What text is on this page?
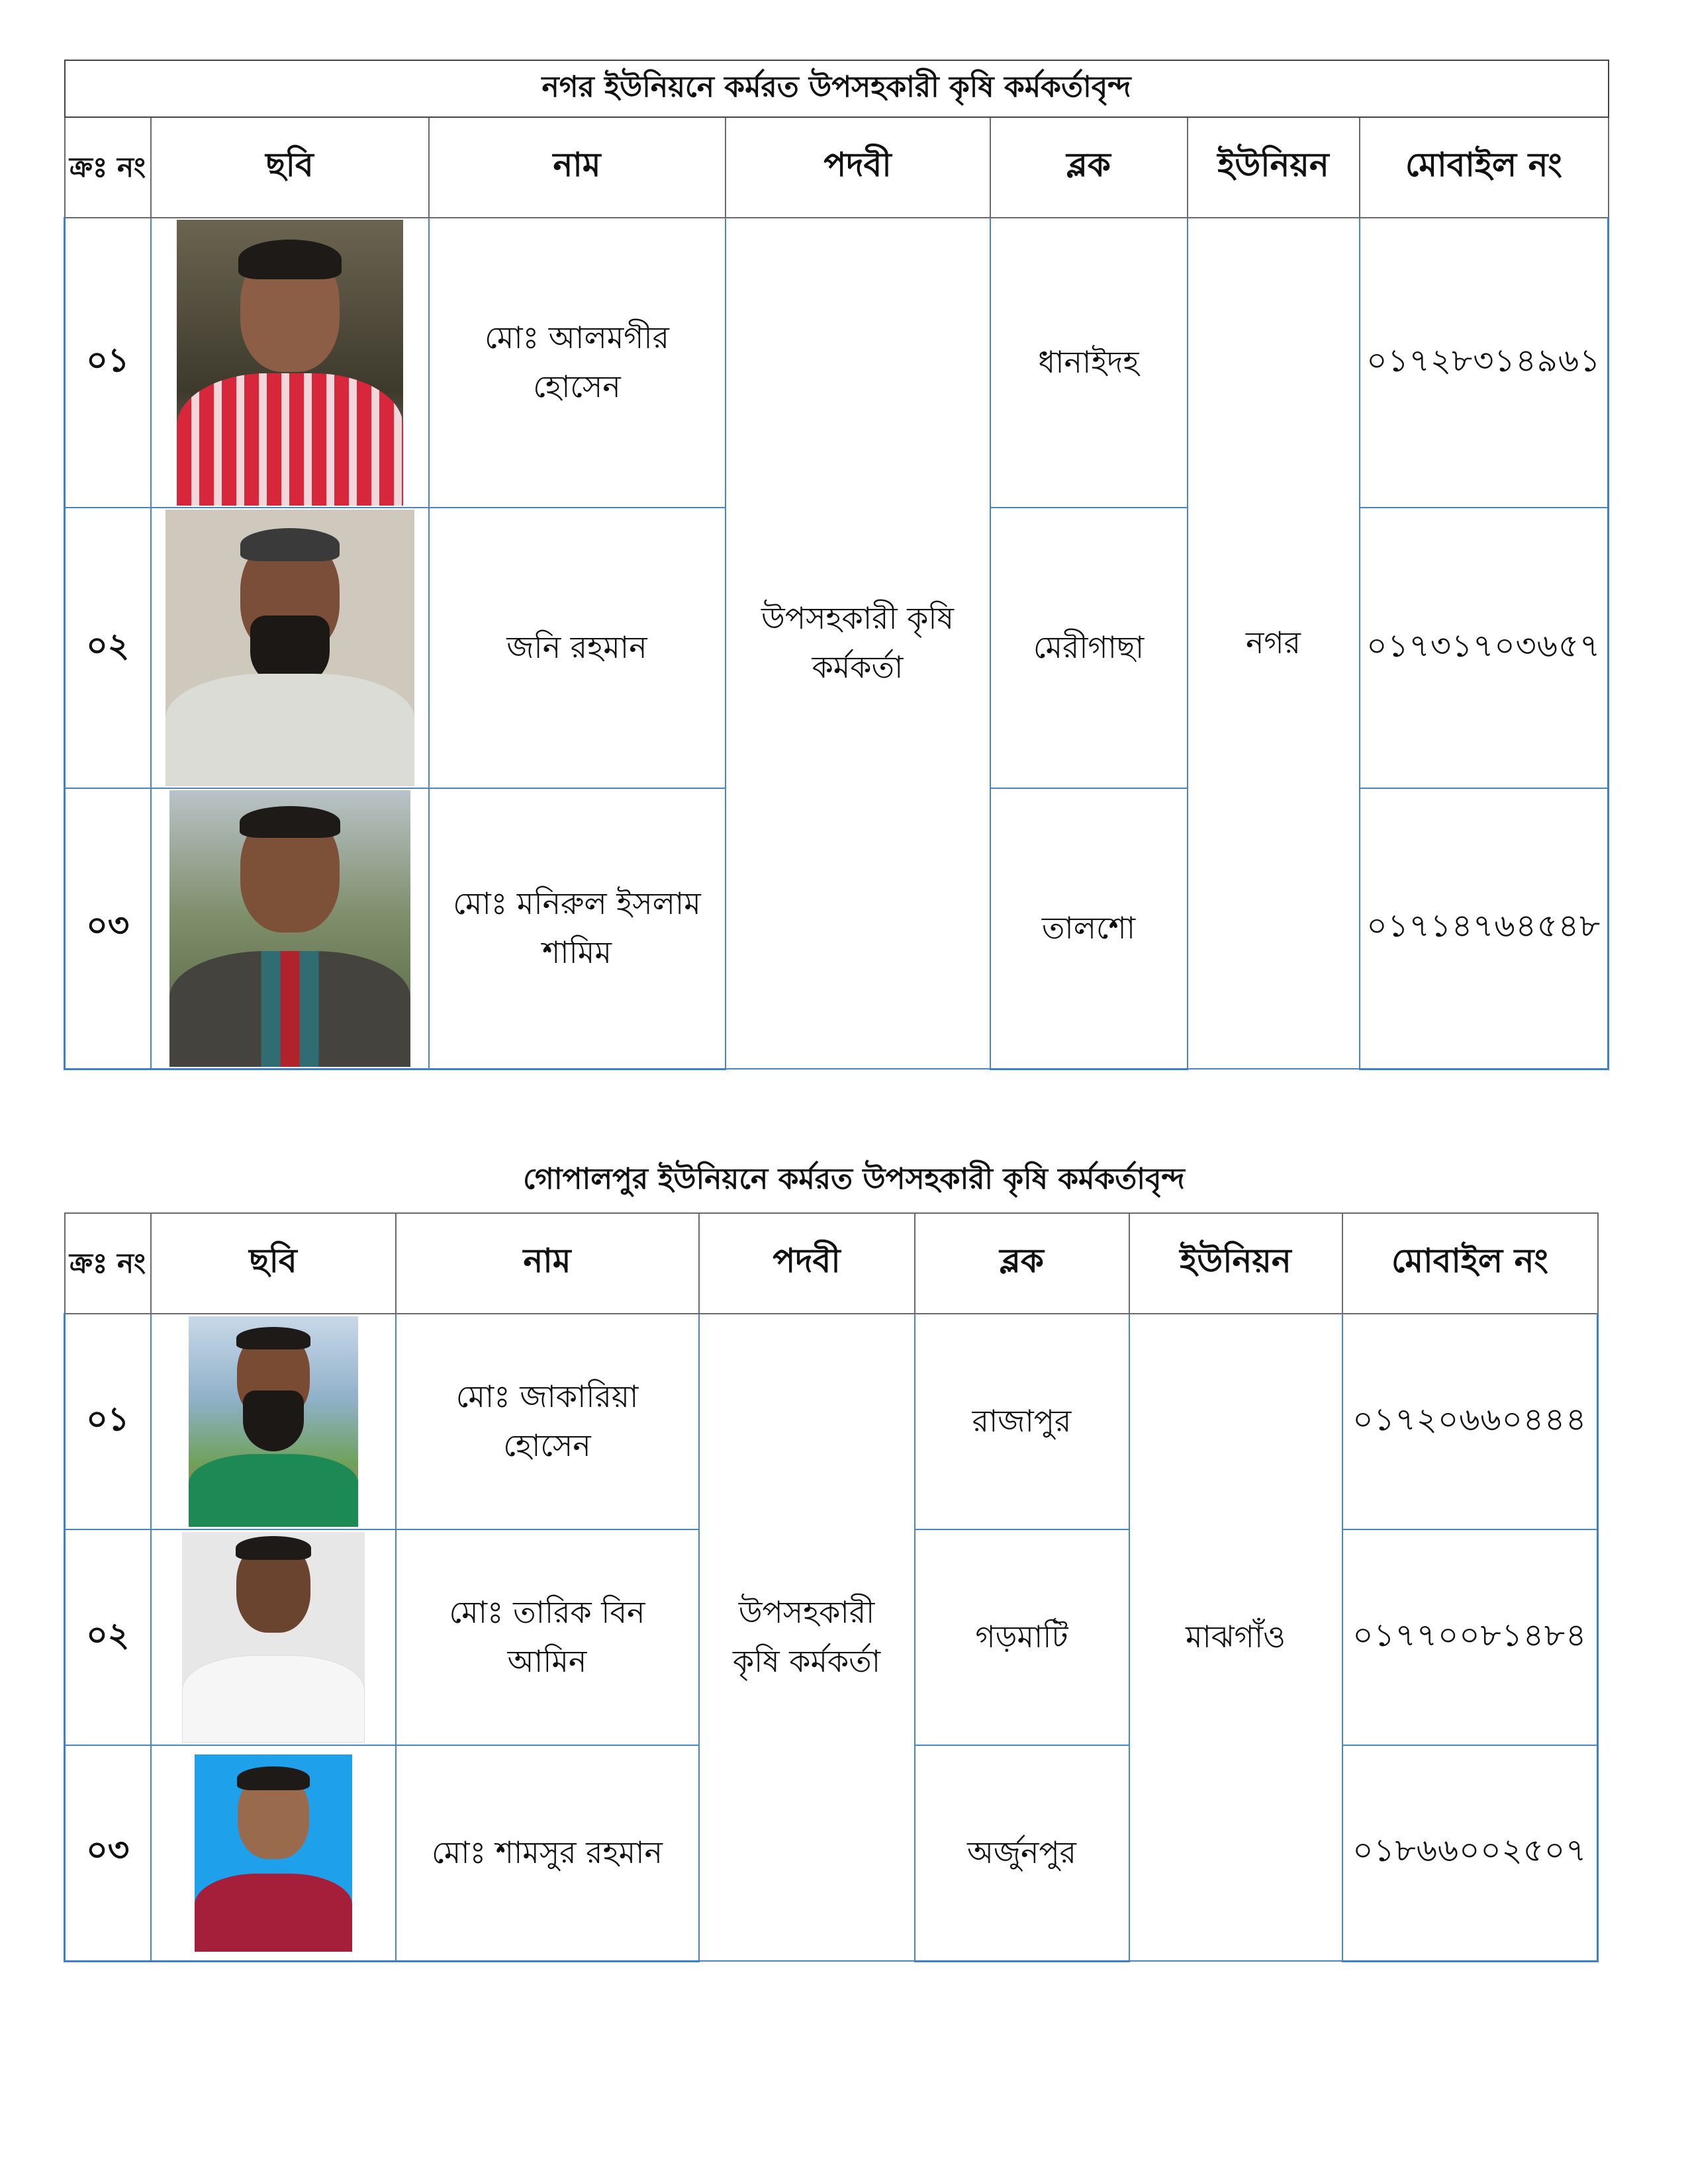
নগর ইউনিয়নে কর্মরত উপসহকারী কৃষি কর্মকর্তাবৃন্দ						
ক্রঃ নং	ছবি	নাম	পদবী	ব্লক	ইউনিয়ন	মোবাইল নং
০১		মোঃ আলমগীর হোসেন	উপসহকারী কৃষি কর্মকর্তা	ধানাইদহ	নগর	০১৭২৮৩১৪৯৬১
০২		জনি রহমান		মেরীগাছা		০১৭৩১৭০৩৬৫৭
০৩		মোঃ মনিরুল ইসলাম শামিম		তালশো		০১৭১৪৭৬৪৫৪৮
গোপালপুর ইউনিয়নে কর্মরত উপসহকারী কৃষি কর্মকর্তাবৃন্দ
ক্রঃ নং	ছবি	নাম	পদবী	ব্লক	ইউনিয়ন	মোবাইল নং
০১		মোঃ জাকারিয়া হোসেন	উপসহকারী কৃষি কর্মকর্তা	রাজাপুর	মাঝগাঁও	০১৭২০৬৬০৪৪৪
০২		মোঃ তারিক বিন আমিন		গড়মাটি		০১৭৭০০৮১৪৮৪
০৩		মোঃ শামসুর রহমান		অর্জুনপুর		০১৮৬৬০০২৫০৭
